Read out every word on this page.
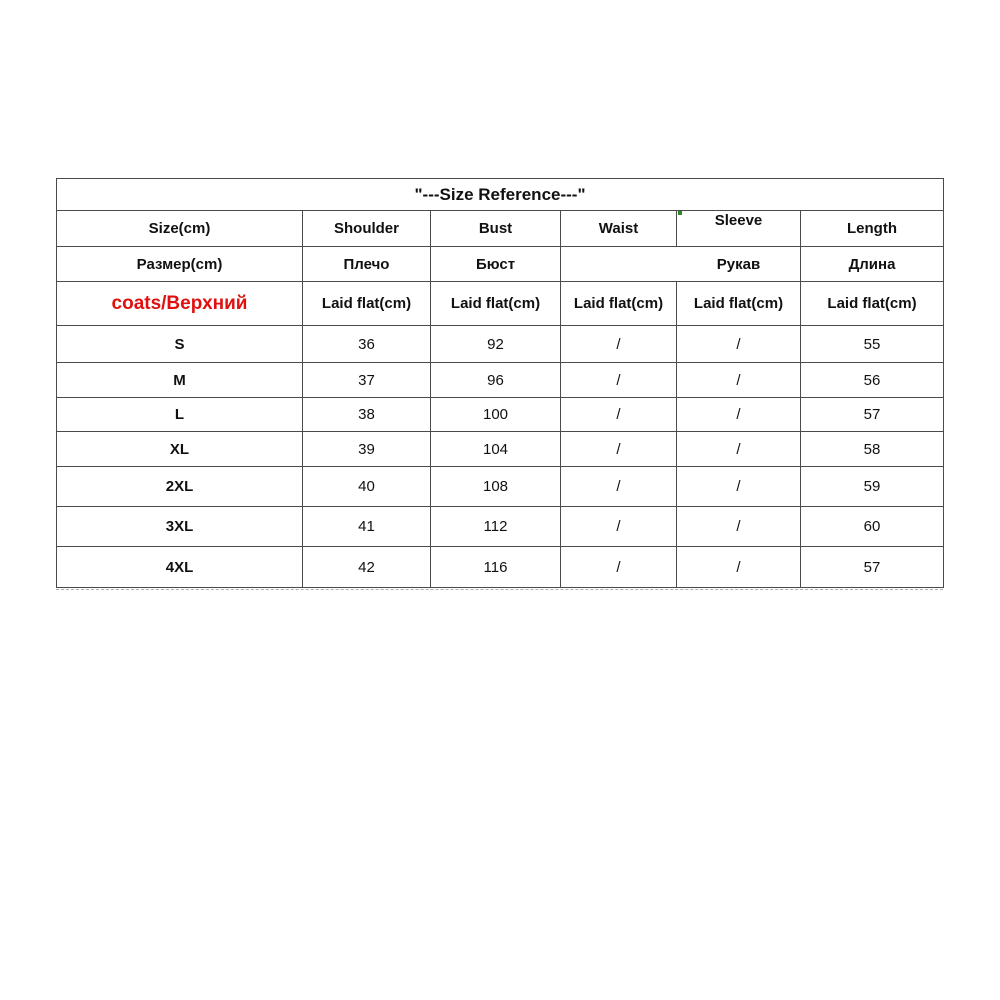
"---Size Reference---"					
Size(cm)	Shoulder	Bust	Waist	Sleeve	Length
Размер(cm)	Плечо	Бюст		Рукав	Длина
coats/Верхний	Laid flat(cm)	Laid flat(cm)	Laid flat(cm)	Laid flat(cm)	Laid flat(cm)
S	36	92	/	/	55
M	37	96	/	/	56
L	38	100	/	/	57
XL	39	104	/	/	58
2XL	40	108	/	/	59
3XL	41	112	/	/	60
4XL	42	116	/	/	57
